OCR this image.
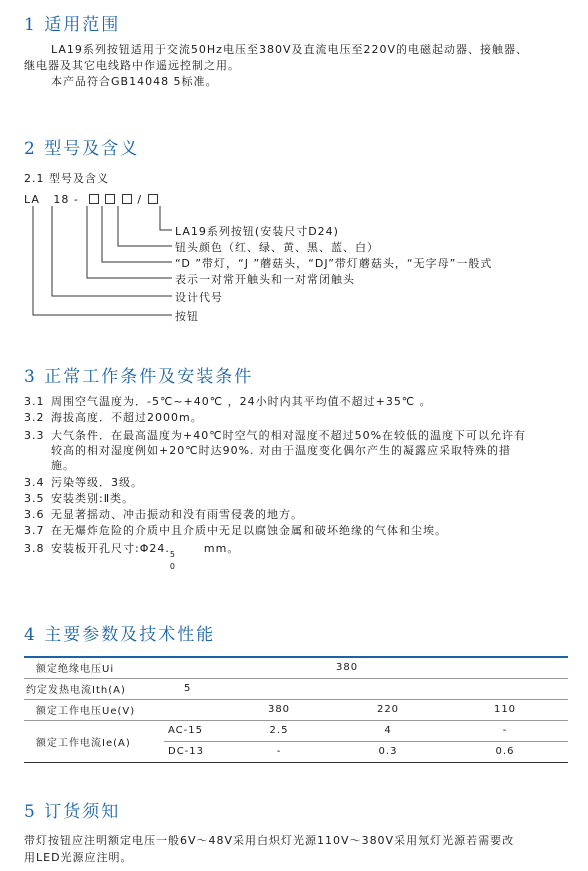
1 适用范围
LA19系列按钮适用于交流50Hz电压至380V及直流电压至220V的电磁起动器、接触器、
继电器及其它电线路中作遥远控制之用。
本产品符合GB14048 5标准。
2 型号及含义
2.1 型号及含义
LA 18 -	/
LA19系列按钮(安装尺寸D24)
钮头颜色（红、绿、黄、黑、蓝、白）
“D ”带灯，“J ”蘑菇头，“DJ”带灯蘑菇头，“无字母”一般式
表示一对常开触头和一对常闭触头
设计代号
按钮
3 正常工作条件及安装条件
3.1 周围空气温度为．-5℃~+40℃ ，24小时内其平均值不超过+35℃ 。
3.2 海拔高度．不超过2000m。
3.3 大气条件．在最高温度为+40℃时空气的相对湿度不超过50%在较低的温度下可以允许有
较高的相对湿度例如+20℃时达90%. 对由于温度变化偶尔产生的凝露应采取特殊的措
施。
3.4 污染等级．3级。
3.5 安装类别:Ⅱ类。
3.6 无显著摇动、冲击振动和没有雨雪侵袭的地方。
3.7 在无爆炸危险的介质中且介质中无足以腐蚀金属和破坏绝缘的气体和尘埃。
3.8 安装板开孔尺寸:Φ24. 5
0
mm。
4 主要参数及技术性能
额定绝缘电压Ui		380		
约定发热电流Ith(A)	5			
额定工作电压Ue(V)		380	220	110
额定工作电流Ie(A)	AC-15	2.5	4	-
	DC-13	-	0.3	0.6
5 订货须知
带灯按钮应注明额定电压一般6V～48V采用白炽灯光源110V～380V采用氖灯光源若需要改
用LED光源应注明。
